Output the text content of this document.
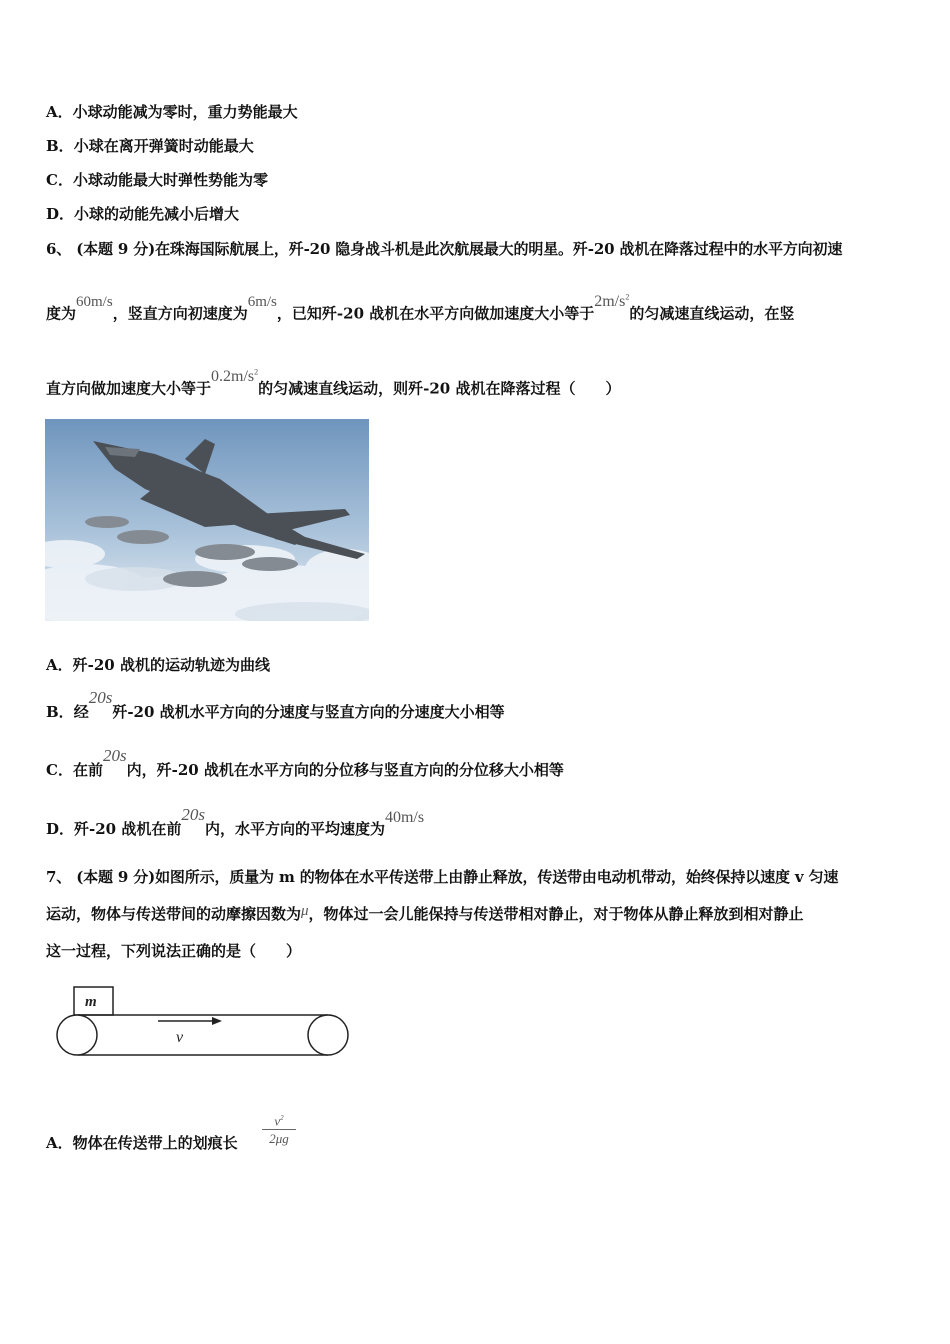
A．小球动能减为零时，重力势能最大
B．小球在离开弹簧时动能最大
C．小球动能最大时弹性势能为零
D．小球的动能先减小后增大
6、 (本题 9 分)在珠海国际航展上，歼-20 隐身战斗机是此次航展最大的明星。歼-20 战机在降落过程中的水平方向初速
度为60m/s，竖直方向初速度为6m/s，已知歼-20 战机在水平方向做加速度大小等于$2m/s^2$的匀减速直线运动，在竖
直方向做加速度大小等于$0.2m/s^2$的匀减速直线运动，则歼-20 战机在降落过程（　　）
A．歼-20 战机的运动轨迹为曲线
B．经20s歼-20 战机水平方向的分速度与竖直方向的分速度大小相等
C．在前20s内，歼-20 战机在水平方向的分位移与竖直方向的分位移大小相等
D．歼-20 战机在前20s内，水平方向的平均速度为40m/s
7、 (本题 9 分)如图所示，质量为 m 的物体在水平传送带上由静止释放，传送带由电动机带动，始终保持以速度 v 匀速
运动，物体与传送带间的动摩擦因数为μ，物体过一会儿能保持与传送带相对静止，对于物体从静止释放到相对静止
这一过程，下列说法正确的是（　　）
m
v
A．物体在传送带上的划痕长 $\frac{v^2}{2\mu g}$
